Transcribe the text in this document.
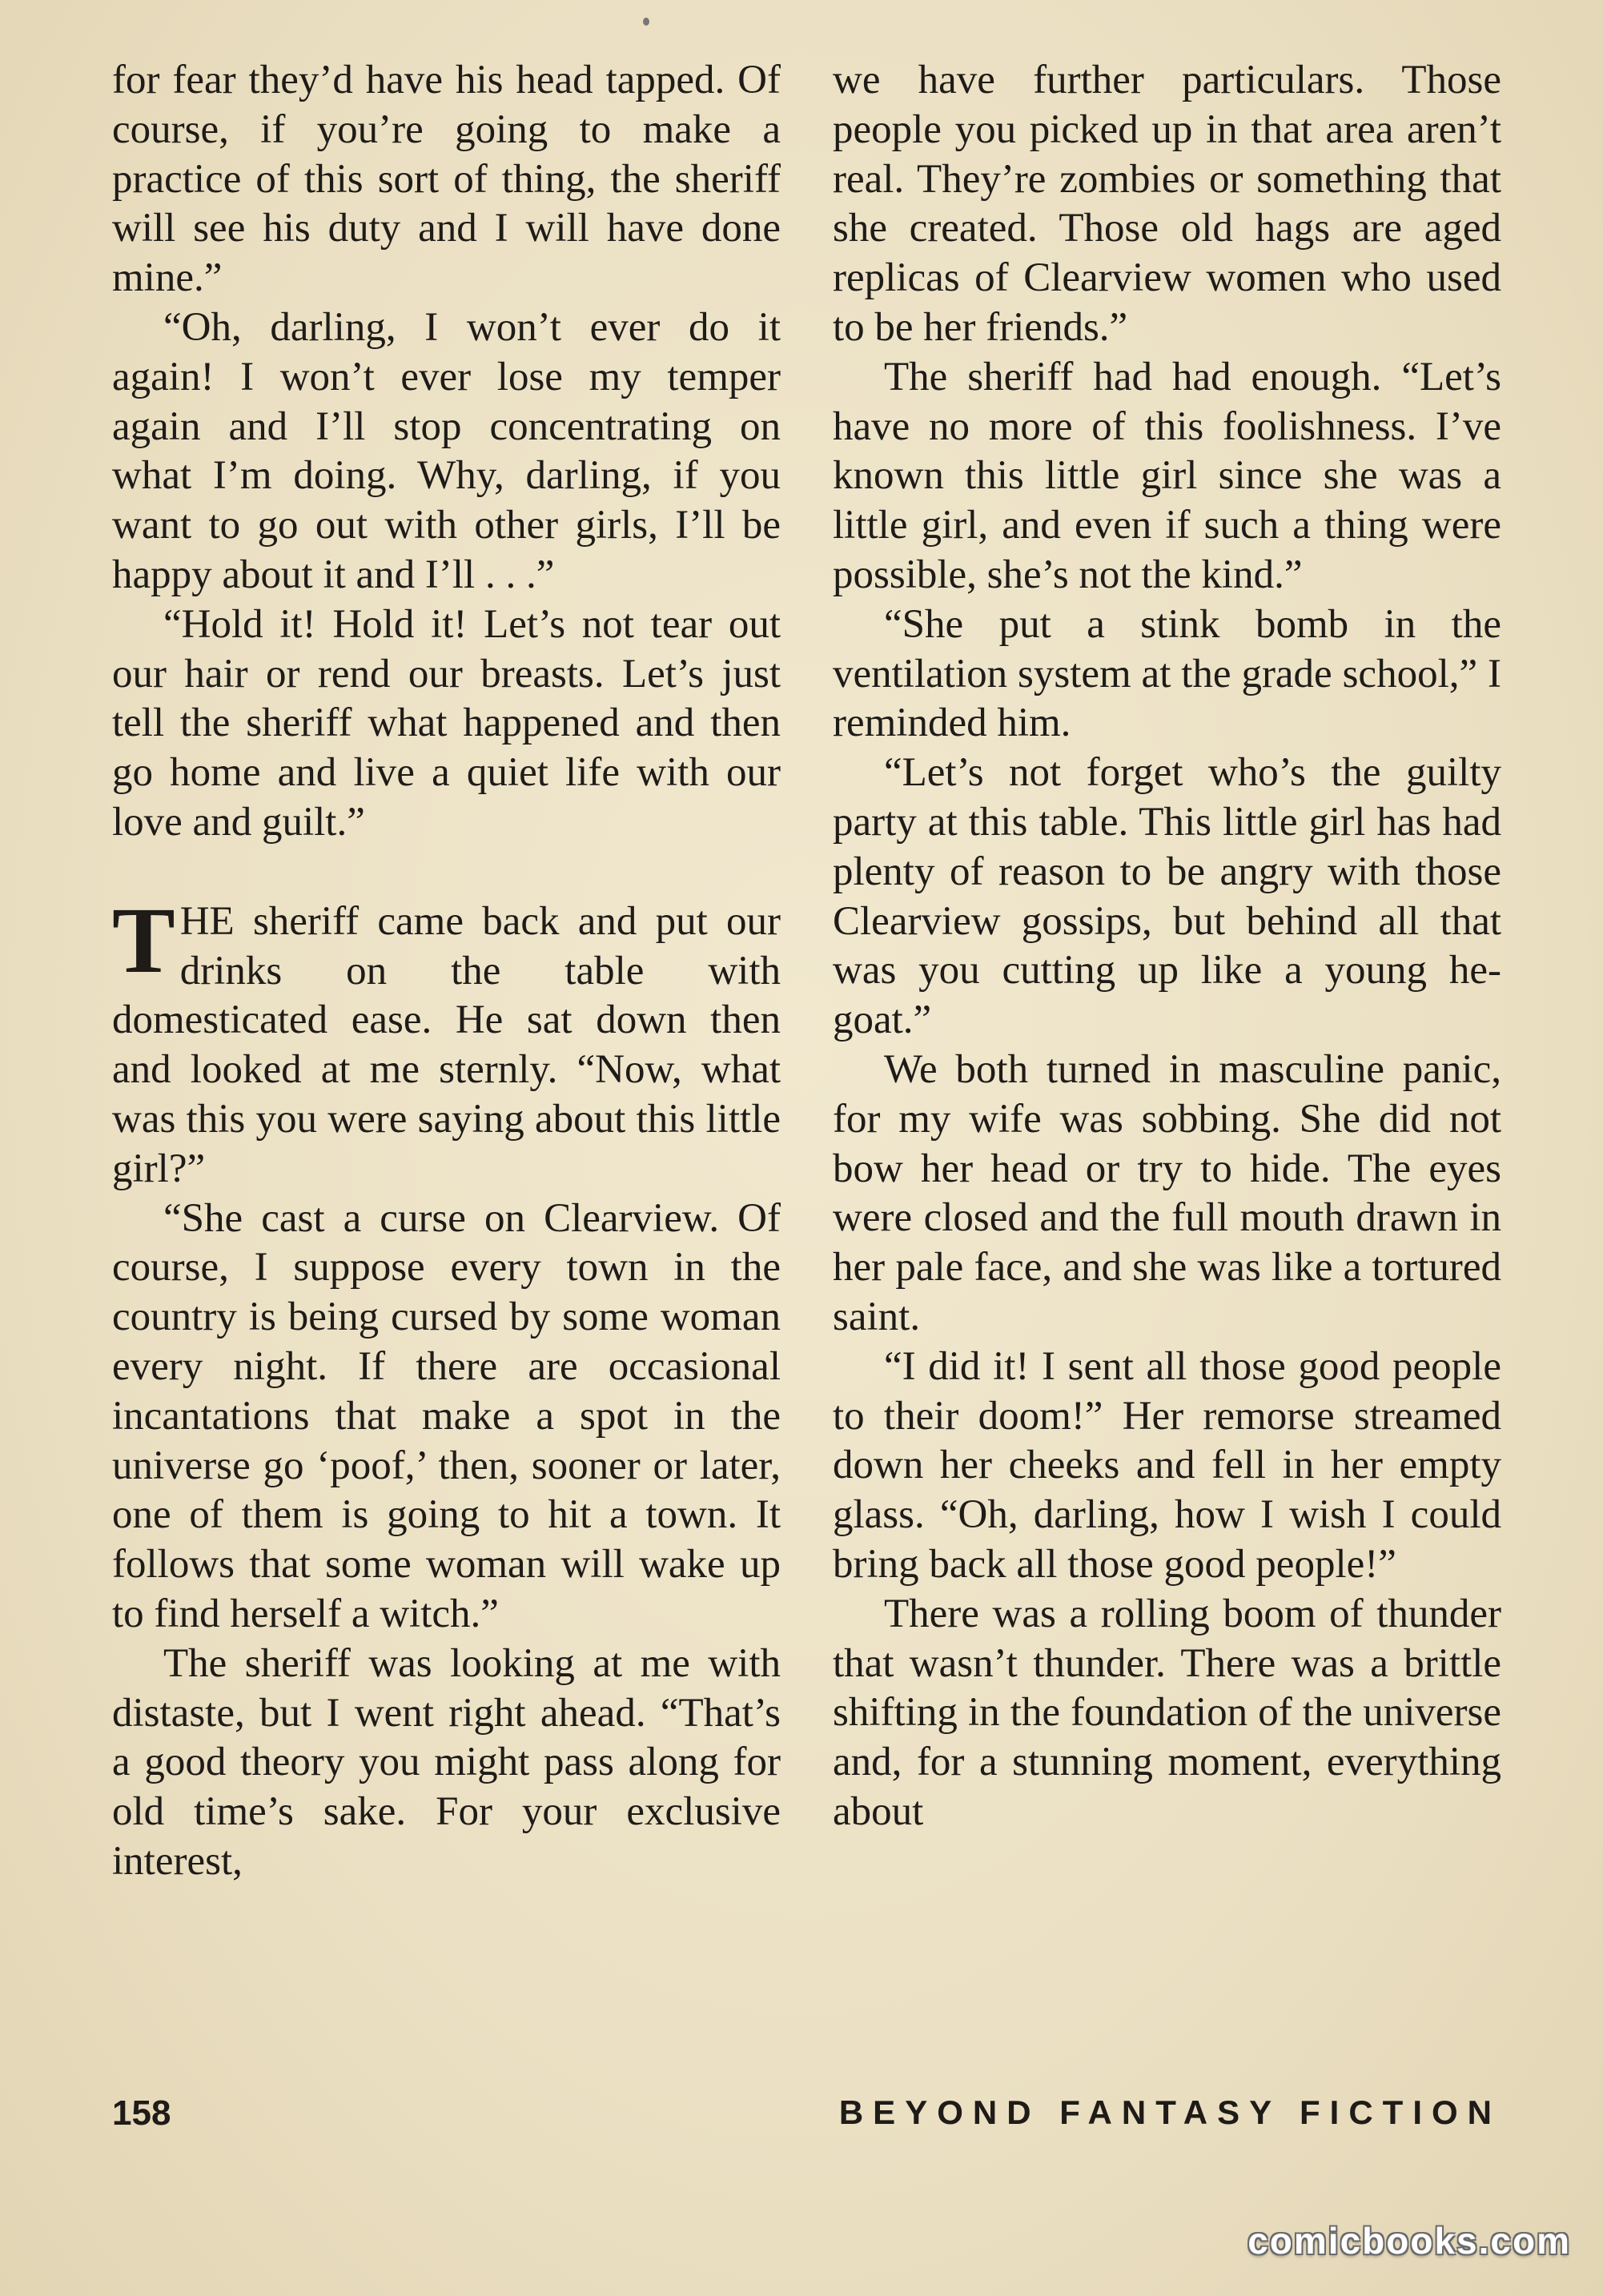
for fear they’d have his head tapped. Of course, if you’re going to make a practice of this sort of thing, the sheriff will see his duty and I will have done mine.”

“Oh, darling, I won’t ever do it again! I won’t ever lose my temper again and I’ll stop concentrating on what I’m doing. Why, darling, if you want to go out with other girls, I’ll be happy about it and I’ll . . .”

“Hold it! Hold it! Let’s not tear out our hair or rend our breasts. Let’s just tell the sheriff what happened and then go home and live a quiet life with our love and guilt.”

THE sheriff came back and put our drinks on the table with domesticated ease. He sat down then and looked at me sternly. “Now, what was this you were saying about this little girl?”

“She cast a curse on Clearview. Of course, I suppose every town in the country is being cursed by some woman every night. If there are occasional incantations that make a spot in the universe go ‘poof,’ then, sooner or later, one of them is going to hit a town. It follows that some woman will wake up to find herself a witch.”

The sheriff was looking at me with distaste, but I went right ahead. “That’s a good theory you might pass along for old time’s sake. For your exclusive interest,

we have further particulars. Those people you picked up in that area aren’t real. They’re zombies or something that she created. Those old hags are aged replicas of Clearview women who used to be her friends.”

The sheriff had had enough. “Let’s have no more of this foolishness. I’ve known this little girl since she was a little girl, and even if such a thing were possible, she’s not the kind.”

“She put a stink bomb in the ventilation system at the grade school,” I reminded him.

“Let’s not forget who’s the guilty party at this table. This little girl has had plenty of reason to be angry with those Clearview gossips, but behind all that was you cutting up like a young he-goat.”

We both turned in masculine panic, for my wife was sobbing. She did not bow her head or try to hide. The eyes were closed and the full mouth drawn in her pale face, and she was like a tortured saint.

“I did it! I sent all those good people to their doom!” Her remorse streamed down her cheeks and fell in her empty glass. “Oh, darling, how I wish I could bring back all those good people!”

There was a rolling boom of thunder that wasn’t thunder. There was a brittle shifting in the foundation of the universe and, for a stunning moment, everything about

158	BEYOND FANTASY FICTION
comicbooks.com
